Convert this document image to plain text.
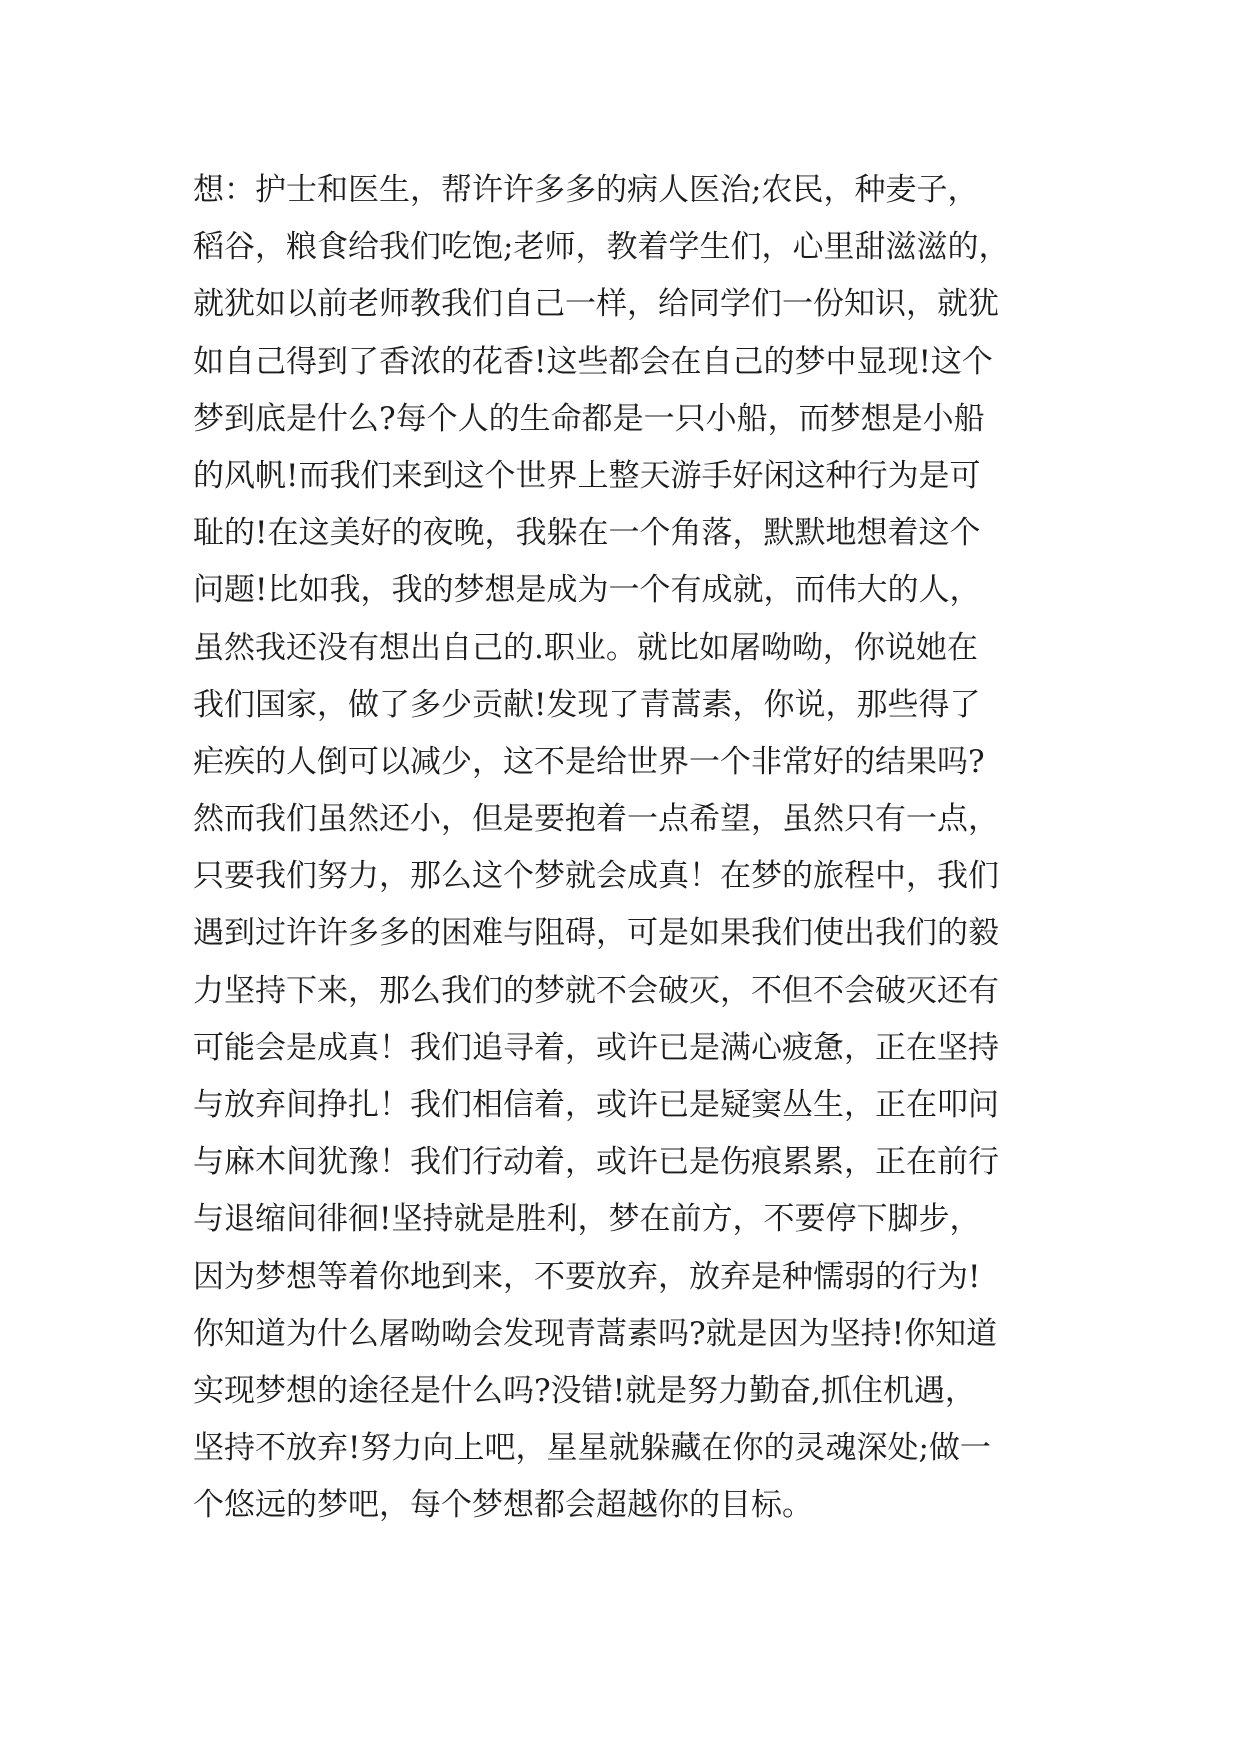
想：护士和医生，帮许许多多的病人医治;农民，种麦子，
稻谷，粮食给我们吃饱;老师，教着学生们，心里甜滋滋的，
就犹如以前老师教我们自己一样，给同学们一份知识，就犹
如自己得到了香浓的花香!这些都会在自己的梦中显现!这个
梦到底是什么?每个人的生命都是一只小船，而梦想是小船
的风帆!而我们来到这个世界上整天游手好闲这种行为是可
耻的!在这美好的夜晚，我躲在一个角落，默默地想着这个
问题!比如我，我的梦想是成为一个有成就，而伟大的人，
虽然我还没有想出自己的.职业。就比如屠呦呦，你说她在
我们国家，做了多少贡献!发现了青蒿素，你说，那些得了
疟疾的人倒可以减少，这不是给世界一个非常好的结果吗?
然而我们虽然还小，但是要抱着一点希望，虽然只有一点，
只要我们努力，那么这个梦就会成真！在梦的旅程中，我们
遇到过许许多多的困难与阻碍，可是如果我们使出我们的毅
力坚持下来，那么我们的梦就不会破灭，不但不会破灭还有
可能会是成真！我们追寻着，或许已是满心疲惫，正在坚持
与放弃间挣扎！我们相信着，或许已是疑窦丛生，正在叩问
与麻木间犹豫！我们行动着，或许已是伤痕累累，正在前行
与退缩间徘徊!坚持就是胜利，梦在前方，不要停下脚步，
因为梦想等着你地到来，不要放弃，放弃是种懦弱的行为!
你知道为什么屠呦呦会发现青蒿素吗?就是因为坚持!你知道
实现梦想的途径是什么吗?没错!就是努力勤奋,抓住机遇，
坚持不放弃!努力向上吧，星星就躲藏在你的灵魂深处;做一
个悠远的梦吧，每个梦想都会超越你的目标。
